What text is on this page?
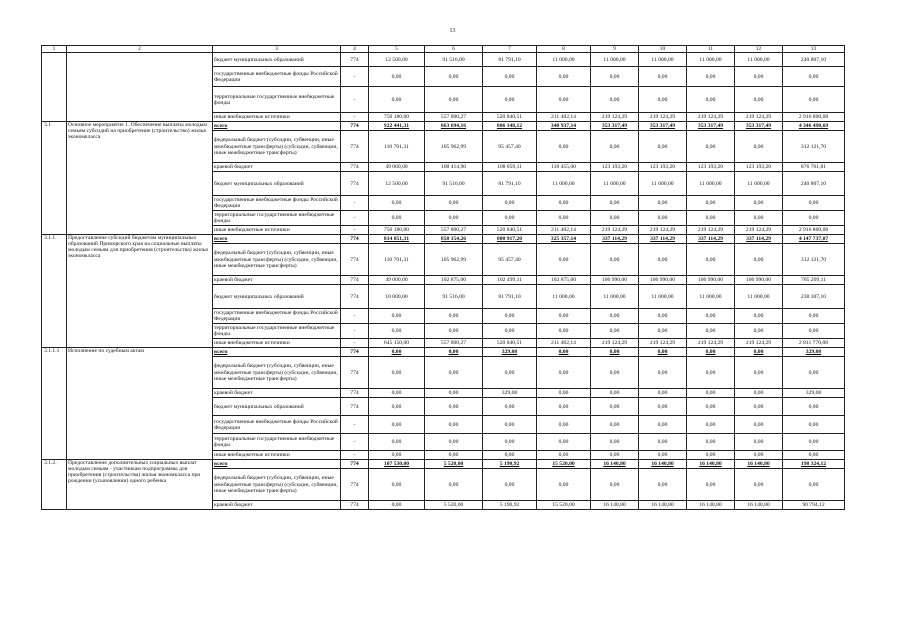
13
1	2	3	4	5	6	7	8	9	10	11	12	13
		бюджет муниципальных образований	774	12 500,00	91 516,00	81 791,10	11 000,00	11 000,00	11 000,00	11 000,00	11 000,00	240 807,10
		государственные внебюджетные фонды Российской Федерации	-	0,00	0,00	0,00	0,00	0,00	0,00	0,00	0,00	0,00
		территориальные государственные внебюджетные фонды	-	0,00	0,00	0,00	0,00	0,00	0,00	0,00	0,00	0,00
		иные внебюджетные источники	-	750 180,00	557 800,27	520 840,51	211 482,14	219 124,29	219 124,29	219 124,29	219 124,29	2 916 800,08
3.1	Основное мероприятие 1. Обеспечение выплаты молодым семьям субсидий на приобретение (строительство) жилья экономкласса	всего	774	922 441,31	863 694,16	806 148,12	340 937,14	353 317,49	353 317,49	353 317,49	353 317,49	4 346 490,69
		федеральный бюджет (субсидии, субвенции, иные межбюджетные трансферты) (субсидии, субвенции, иные межбюджетные трансферты)	774	110 701,31	105 962,99	95 457,40	0,00	0,00	0,00	0,00	0,00	312 121,70
		краевой бюджет	774	49 060,00	108 414,90	108 059,11	118 455,00	123 193,20	123 193,20	123 193,20	123 193,20	876 761,81
		бюджет муниципальных образований	774	12 500,00	91 516,00	81 791,10	11 000,00	11 000,00	11 000,00	11 000,00	11 000,00	240 807,10
		государственные внебюджетные фонды Российской Федерации	-	0,00	0,00	0,00	0,00	0,00	0,00	0,00	0,00	0,00
		территориальные государственные внебюджетные фонды	-	0,00	0,00	0,00	0,00	0,00	0,00	0,00	0,00	0,00
		иные внебюджетные источники	-	750 180,00	557 800,27	520 840,51	211 482,14	219 124,29	219 124,29	219 124,29	219 124,29	2 916 800,08
3.1.1.	Предоставление субсидий бюджетам муниципальных образований Приморского края на социальные выплаты молодым семьям для приобретения (строительства) жилья экономкласса	всего	774	814 851,31	858 154,26	800 917,20	325 357,14	337 114,29	337 114,29	337 114,29	337 114,29	4 147 737,07
		федеральный бюджет (субсидии, субвенции, иные межбюджетные трансферты) (субсидии, субвенции, иные межбюджетные трансферты)	774	110 701,31	105 962,99	95 457,40	0,00	0,00	0,00	0,00	0,00	312 121,70
		краевой бюджет	774	49 000,00	102 875,00	102 499,11	102 875,00	106 990,00	106 990,00	106 990,00	106 990,00	785 209,11
		бюджет муниципальных образований	774	10 000,00	91 516,00	81 791,10	11 000,00	11 000,00	11 000,00	11 000,00	11 000,00	238 307,10
		государственные внебюджетные фонды Российской Федерации	-	0,00	0,00	0,00	0,00	0,00	0,00	0,00	0,00	0,00
		территориальные государственные внебюджетные фонды	-	0,00	0,00	0,00	0,00	0,00	0,00	0,00	0,00	0,00
		иные внебюджетные источники	-	645 150,00	557 800,27	520 840,51	211 482,14	219 124,29	219 124,29	219 124,29	219 124,29	2 811 770,08
3.1.1.1	Исполнение по судебным актам	всего	774	0,00	0,00	329,08	0,00	0,00	0,00	0,00	0,00	329,08
		федеральный бюджет (субсидии, субвенции, иные межбюджетные трансферты) (субсидии, субвенции, иные межбюджетные трансферты)	774	0,00	0,00	0,00	0,00	0,00	0,00	0,00	0,00	0,00
		краевой бюджет	774	0,00	0,00	329,08	0,00	0,00	0,00	0,00	0,00	329,08
		бюджет муниципальных образований	774	0,00	0,00	0,00	0,00	0,00	0,00	0,00	0,00	0,00
		государственные внебюджетные фонды Российской Федерации	-	0,00	0,00	0,00	0,00	0,00	0,00	0,00	0,00	0,00
		территориальные государственные внебюджетные фонды	-	0,00	0,00	0,00	0,00	0,00	0,00	0,00	0,00	0,00
		иные внебюджетные источники	-	0,00	0,00	0,00	0,00	0,00	0,00	0,00	0,00	0,00
3.1.2.	Предоставление дополнительных социальных выплат молодым семьям - участникам подпрограммы для приобретения (строительства) жилья экономкласса при рождении (усыновлении) одного ребенка	всего	774	107 530,00	5 520,00	5 190,92	15 520,00	16 140,80	16 140,80	16 140,80	16 140,80	198 324,12
		федеральный бюджет (субсидии, субвенции, иные межбюджетные трансферты) (субсидии, субвенции, иные межбюджетные трансферты)	774	0,00	0,00	0,00	0,00	0,00	0,00	0,00	0,00	0,00
		краевой бюджет	774	0,00	5 520,00	5 190,92	15 520,00	16 140,80	16 140,80	16 140,80	16 140,80	90 794,12
